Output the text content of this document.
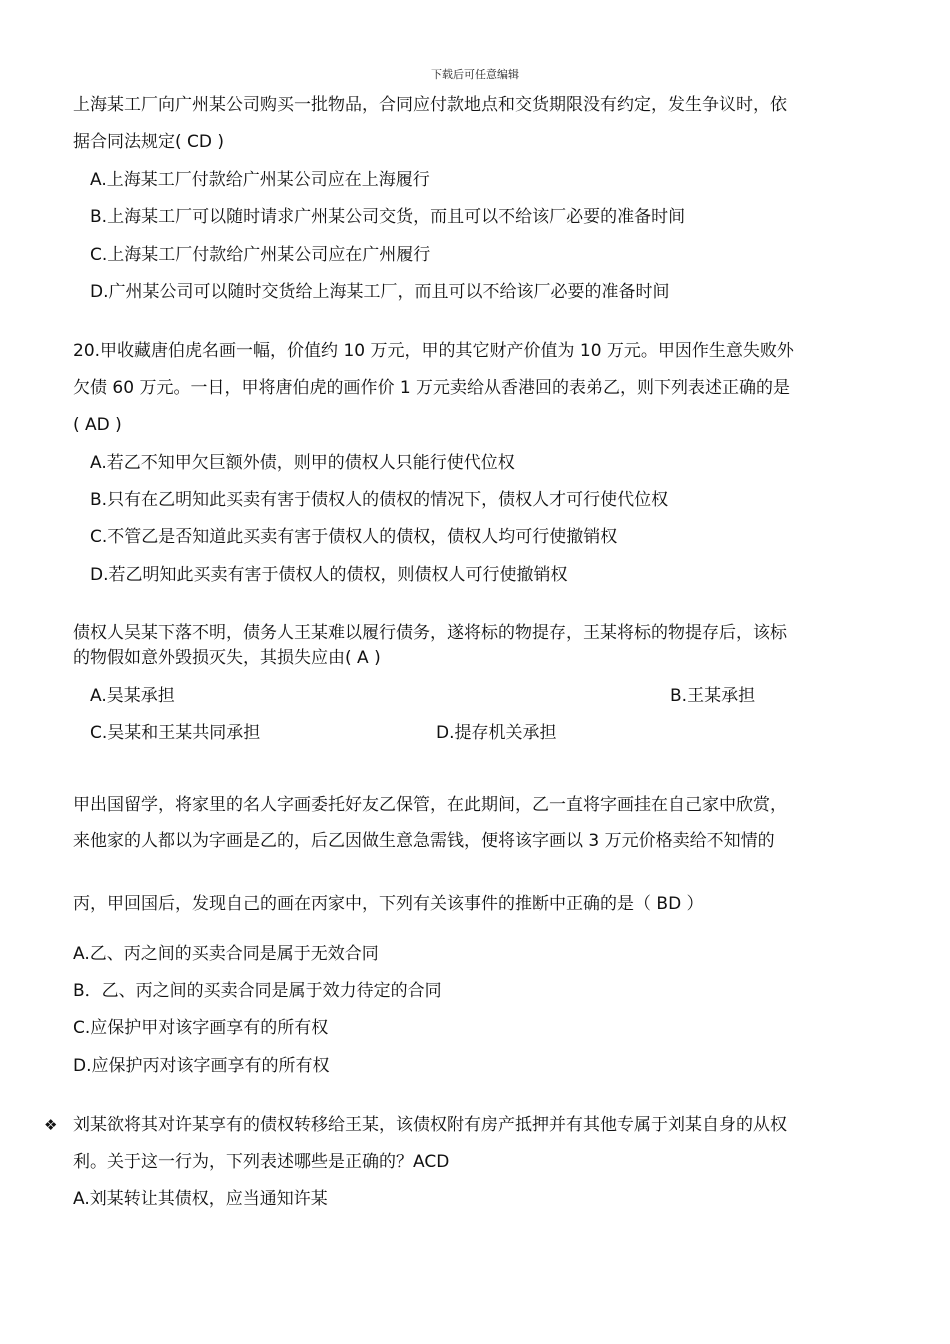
下载后可任意编辑
上海某工厂向广州某公司购买一批物品，合同应付款地点和交货期限没有约定，发生争议时，依
据合同法规定( CD )
A.上海某工厂付款给广州某公司应在上海履行
B.上海某工厂可以随时请求广州某公司交货，而且可以不给该厂必要的准备时间
C.上海某工厂付款给广州某公司应在广州履行
D.广州某公司可以随时交货给上海某工厂，而且可以不给该厂必要的准备时间
20.甲收藏唐伯虎名画一幅，价值约 10 万元，甲的其它财产价值为 10 万元。甲因作生意失败外
欠债 60 万元。一日，甲将唐伯虎的画作价 1 万元卖给从香港回的表弟乙，则下列表述正确的是
( AD )
A.若乙不知甲欠巨额外债，则甲的债权人只能行使代位权
B.只有在乙明知此买卖有害于债权人的债权的情况下，债权人才可行使代位权
C.不管乙是否知道此买卖有害于债权人的债权，债权人均可行使撤销权
D.若乙明知此买卖有害于债权人的债权，则债权人可行使撤销权
债权人吴某下落不明，债务人王某难以履行债务，遂将标的物提存，王某将标的物提存后，该标
的物假如意外毁损灭失，其损失应由( A )
A.吴某承担	B.王某承担
C.吴某和王某共同承担	D.提存机关承担
甲出国留学，将家里的名人字画委托好友乙保管，在此期间，乙一直将字画挂在自己家中欣赏，
来他家的人都以为字画是乙的，后乙因做生意急需钱，便将该字画以 3 万元价格卖给不知情的
丙，甲回国后，发现自己的画在丙家中，下列有关该事件的推断中正确的是（ BD ）
A.乙、丙之间的买卖合同是属于无效合同
B．乙、丙之间的买卖合同是属于效力待定的合同
C.应保护甲对该字画享有的所有权
D.应保护丙对该字画享有的所有权
❖ 刘某欲将其对许某享有的债权转移给王某，该债权附有房产抵押并有其他专属于刘某自身的从权
利。关于这一行为，下列表述哪些是正确的？ACD
A.刘某转让其债权，应当通知许某
